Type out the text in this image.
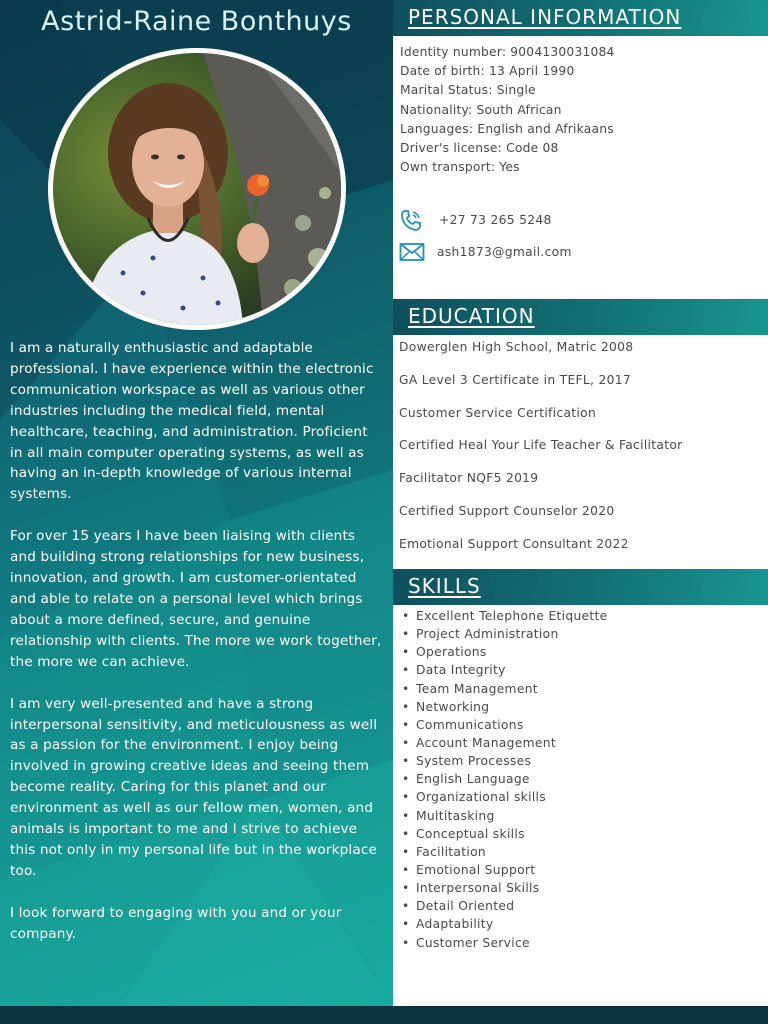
Astrid-Raine Bonthuys

I am a naturally enthusiastic and adaptable professional. I have experience within the electronic communication workspace as well as various other industries including the medical field, mental healthcare, teaching, and administration. Proficient in all main computer operating systems, as well as having an in-depth knowledge of various internal systems.

For over 15 years I have been liaising with clients and building strong relationships for new business, innovation, and growth. I am customer-orientated and able to relate on a personal level which brings about a more defined, secure, and genuine relationship with clients. The more we work together, the more we can achieve.

I am very well-presented and have a strong interpersonal sensitivity, and meticulousness as well as a passion for the environment. I enjoy being involved in growing creative ideas and seeing them become reality. Caring for this planet and our environment as well as our fellow men, women, and animals is important to me and I strive to achieve this not only in my personal life but in the workplace too.

I look forward to engaging with you and or your company.

PERSONAL INFORMATION
Identity number: 9004130031084
Date of birth: 13 April 1990
Marital Status: Single
Nationality: South African
Languages: English and Afrikaans
Driver's license: Code 08
Own transport: Yes
+27 73 265 5248
ash1873@gmail.com
EDUCATION
Dowerglen High School, Matric 2008
GA Level 3 Certificate in TEFL, 2017
Customer Service Certification
Certified Heal Your Life Teacher & Facilitator
Facilitator NQF5 2019
Certified Support Counselor 2020
Emotional Support Consultant 2022
SKILLS
• Excellent Telephone Etiquette
• Project Administration
• Operations
• Data Integrity
• Team Management
• Networking
• Communications
• Account Management
• System Processes
• English Language
• Organizational skills
• Multitasking
• Conceptual skills
• Facilitation
• Emotional Support
• Interpersonal Skills
• Detail Oriented
• Adaptability
• Customer Service
